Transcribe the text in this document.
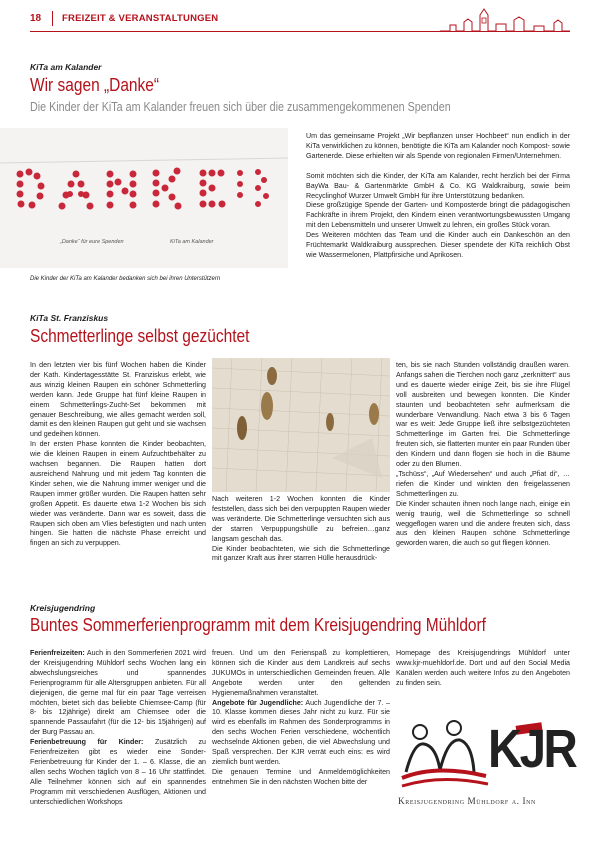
18 FREIZEIT & VERANSTALTUNGEN
KiTa am Kalander
Wir sagen „Danke“
Die Kinder der KiTa am Kalander freuen sich über die zusammengekommenen Spenden
„Danke“ für eure Spenden	KiTa am Kalander
Die Kinder der KiTa am Kalander bedanken sich bei ihren Unterstützern

Um das gemeinsame Projekt „Wir bepflanzen unser Hochbeet“ nun endlich in der KiTa verwirklichen zu können, benötigte die KiTa am Kalander noch Kompost- sowie Gartenerde. Diese erhielten wir als Spende von regionalen Firmen/Unternehmen.

Somit möchten sich die Kinder, der KiTa am Kalander, recht herzlich bei der Firma BayWa Bau- & Gartenmärkte GmbH & Co. KG Waldkraiburg, sowie beim Recyclinghof Wurzer Umwelt GmbH für ihre Unterstützung bedanken.

Diese großzügige Spende der Garten- und Komposterde bringt die pädagogischen Fachkräfte in ihrem Projekt, den Kindern einen verantwortungsbewussten Umgang mit den Lebensmitteln und unserer Umwelt zu lehren, ein großes Stück voran.

Des Weiteren möchten das Team und die Kinder auch ein Dankeschön an den Früchtemarkt Waldkraiburg aussprechen. Dieser spendete der KiTa reichlich Obst wie Wassermelonen, Plattpfirsiche und Aprikosen.

KiTa St. Franziskus
Schmetterlinge selbst gezüchtet

In den letzten vier bis fünf Wochen haben die Kinder der Kath. Kindertagesstätte St. Franziskus erlebt, wie aus winzig kleinen Raupen ein schöner Schmetterling werden kann. Jede Gruppe hat fünf kleine Raupen in einem Schmetterlings-Zucht-Set bekommen mit genauer Beschreibung, wie alles gemacht werden soll, damit es den kleinen Raupen gut geht und sie wachsen und gedeihen können.

In der ersten Phase konnten die Kinder beobachten, wie die kleinen Raupen in einem Aufzuchtbehälter zu wachsen begannen. Die Raupen hatten dort ausreichend Nahrung und mit jedem Tag konnten die Kinder sehen, wie die Nahrung immer weniger und die Raupen immer größer wurden. Die Raupen hatten sehr großen Appetit. Es dauerte etwa 1-2 Wochen bis sich wieder was veränderte. Dann war es soweit, dass die Raupen sich oben am Vlies befestigten und nach unten hingen. Sie hatten die nächste Phase erreicht und fingen an sich zu verpuppen.

Nach weiteren 1-2 Wochen konnten die Kinder feststellen, dass sich bei den verpuppten Raupen wieder was veränderte. Die Schmetterlinge versuchten sich aus der starren Verpuppungshülle zu befreien…ganz langsam geschah das.

Die Kinder beobachteten, wie sich die Schmetterlinge mit ganzer Kraft aus ihrer starren Hülle herausdrück-

ten, bis sie nach Stunden vollständig draußen waren. Anfangs sahen die Tierchen noch ganz „zerknittert“ aus und es dauerte wieder einige Zeit, bis sie ihre Flügel voll ausbreiten und bewegen konnten. Die Kinder staunten und beobachteten sehr aufmerksam die wunderbare Verwandlung. Nach etwa 3 bis 6 Tagen war es weit: Jede Gruppe ließ ihre selbstgezüchteten Schmetterlinge im Garten frei. Die Schmetterlinge freuten sich, sie flatterten munter ein paar Runden über den Kindern und dann flogen sie hoch in die Bäume oder zu den Blumen.

„Tschüss“, „Auf Wiedersehen“ und auch „Pfiat di“, …riefen die Kinder und winkten den freigelassenen Schmetterlingen zu.

Die Kinder schauten ihnen noch lange nach, einige ein wenig traurig, weil die Schmetterlinge so schnell weggeflogen waren und die andere freuten sich, dass aus den kleinen Raupen schöne Schmetterlinge geworden waren, die auch so gut fliegen können.

Kreisjugendring
Buntes Sommerferienprogramm mit dem Kreisjugendring Mühldorf

Ferienfreizeiten: Auch in den Sommerferien 2021 wird der Kreisjugendring Mühldorf sechs Wochen lang ein abwechslungsreiches und spannendes Ferienprogramm für alle Altersgruppen anbieten. Für all diejenigen, die gerne mal für ein paar Tage verreisen möchten, bietet sich das beliebte Chiemsee-Camp (für 8- bis 12jährige) direkt am Chiemsee oder die spannende Passaufahrt (für die 12- bis 15jährigen) auf der Burg Passau an.

Ferienbetreuung für Kinder: Zusätzlich zu Ferienfreizeiten gibt es wieder eine Sonder-Ferienbetreuung für Kinder der 1. – 6. Klasse, die an allen sechs Wochen täglich von 8 – 16 Uhr stattfindet. Alle Teilnehmer können sich auf ein spannendes Programm mit verschiedenen Ausflügen, Aktionen und unterschiedlichen Workshops

freuen. Und um den Ferienspaß zu komplettieren, können sich die Kinder aus dem Landkreis auf sechs JUKUMOs in unterschiedlichen Gemeinden freuen. Alle Angebote werden unter den geltenden Hygienemaßnahmen veranstaltet.

Angebote für Jugendliche: Auch Jugendliche der 7. – 10. Klasse kommen dieses Jahr nicht zu kurz. Für sie wird es ebenfalls im Rahmen des Sonderprogramms in den sechs Wochen Ferien verschiedene, wöchentlich wechselnde Aktionen geben, die viel Abwechslung und Spaß versprechen. Der KJR verrät euch eins: es wird ziemlich bunt werden.

Die genauen Termine und Anmeldemöglichkeiten entnehmen Sie in den nächsten Wochen bitte der

Homepage des Kreisjugendrings Mühldorf unter www.kjr-muehldorf.de. Dort und auf den Social Media Kanälen werden auch weitere Infos zu den Angeboten zu finden sein.

KJR
Kreisjugendring Mühldorf a. Inn
